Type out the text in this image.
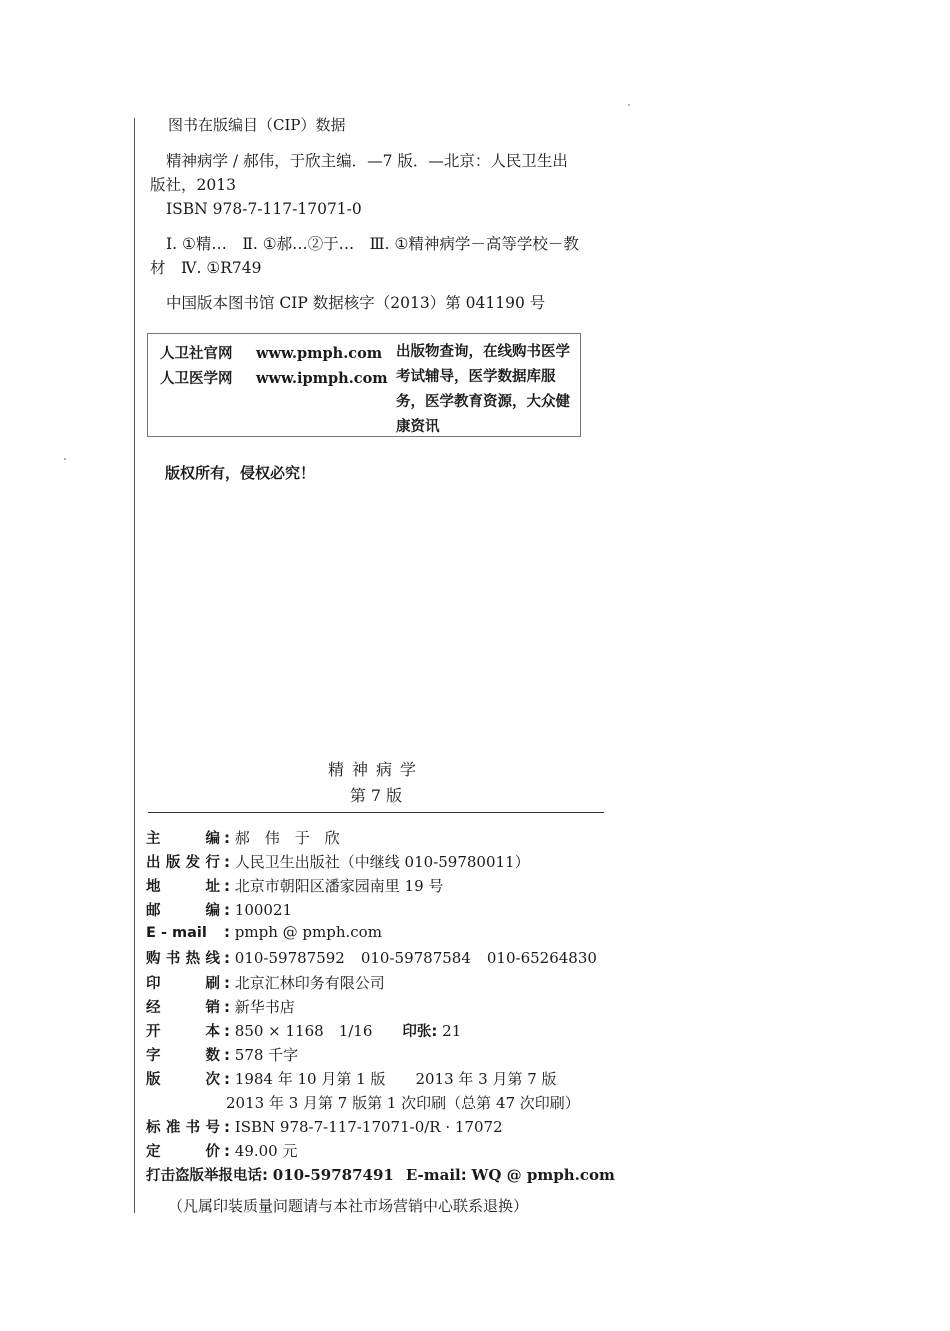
图书在版编目（CIP）数据
精神病学 / 郝伟，于欣主编．—7 版．—北京：人民卫生出版社，2013
ISBN 978-7-117-17071-0
Ⅰ. ①精…　Ⅱ. ①郝…②于…　Ⅲ. ①精神病学－高等学校－教材　Ⅳ. ①R749
中国版本图书馆 CIP 数据核字（2013）第 041190 号
人卫社官网 www.pmph.com
人卫医学网 www.ipmph.com
出版物查询，在线购书医学考试辅导，医学数据库服务，医学教育资源，大众健康资讯
版权所有，侵权必究！
精神病学
第 7 版
主编 : 郝　伟　于　欣
出版发行 : 人民卫生出版社（中继线 010-59780011）
地址 : 北京市朝阳区潘家园南里 19 号
邮编 : 100021
E - mail : pmph @ pmph.com
购书热线 : 010-59787592 010-59787584 010-65264830
印刷 : 北京汇林印务有限公司
经销 : 新华书店
开本 : 850 × 1168　1/16 印张: 21
字数 : 578 千字
版次 : 1984 年 10 月第 1 版 2013 年 3 月第 7 版
2013 年 3 月第 7 版第 1 次印刷（总第 47 次印刷）
标准书号 : ISBN 978-7-117-17071-0/R · 17072
定价 : 49.00 元
打击盗版举报电话: 010-59787491 E-mail: WQ @ pmph.com
（凡属印装质量问题请与本社市场营销中心联系退换）
